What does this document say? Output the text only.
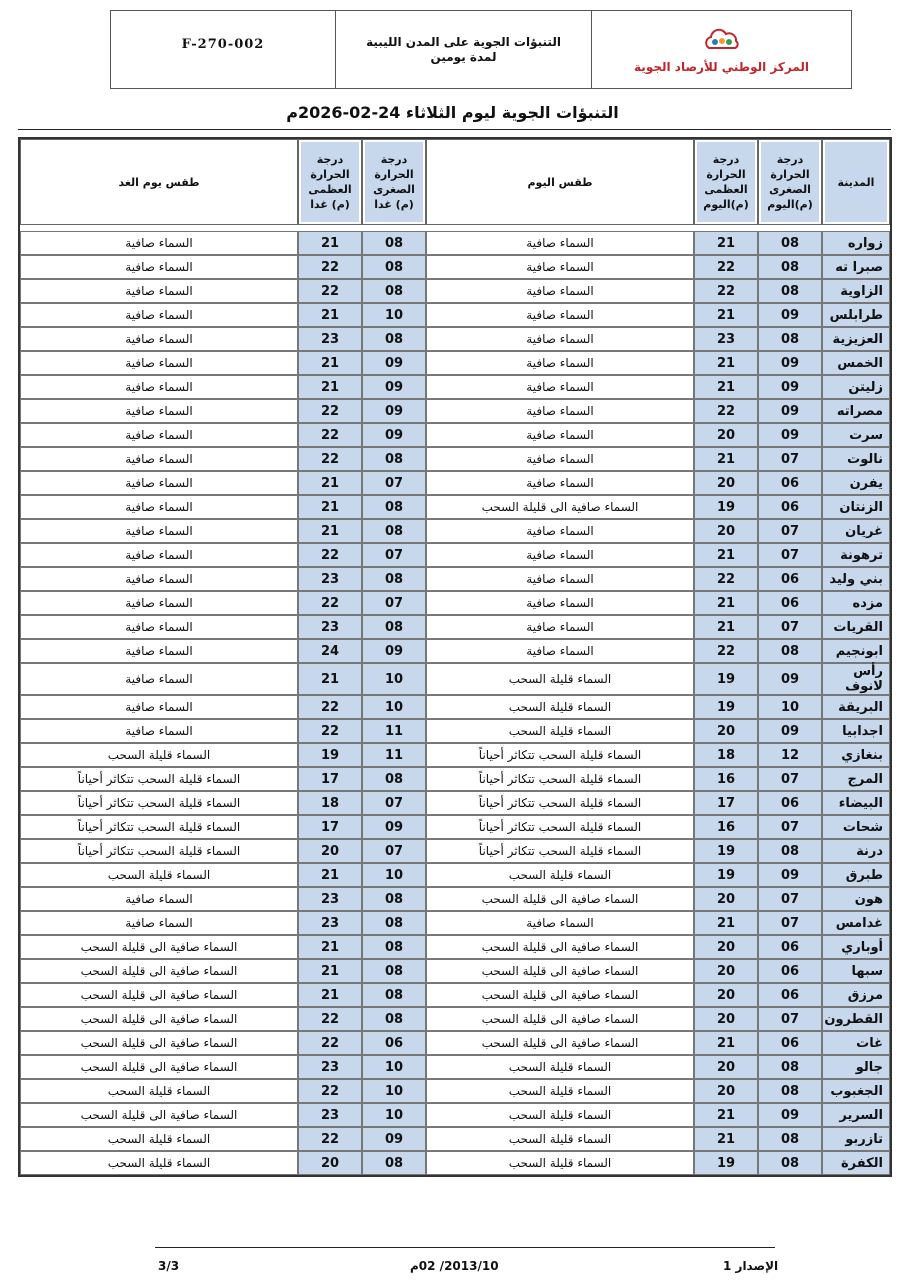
F-270-002	التنبؤات الجوية على المدن الليبية
لمدة يومين
المركز الوطني للأرصاد الجوية
التنبؤات الجوية ليوم الثلاثاء 24-02-2026م
المدينة	درجة الحرارة الصغرى (م)اليوم	درجة الحرارة العظمى (م)اليوم	طقس اليوم	درجة الحرارة الصغرى (م) غدا	درجة الحرارة العظمى (م) غدا	طقس يوم الغد

زواره	08	21	السماء صافية	08	21	السماء صافية
صبرا ته	08	22	السماء صافية	08	22	السماء صافية
الزاوية	08	22	السماء صافية	08	22	السماء صافية
طرابلس	09	21	السماء صافية	10	21	السماء صافية
العزيزية	08	23	السماء صافية	08	23	السماء صافية
الخمس	09	21	السماء صافية	09	21	السماء صافية
زليتن	09	21	السماء صافية	09	21	السماء صافية
مصراته	09	22	السماء صافية	09	22	السماء صافية
سرت	09	20	السماء صافية	09	22	السماء صافية
نالوت	07	21	السماء صافية	08	22	السماء صافية
يفرن	06	20	السماء صافية	07	21	السماء صافية
الزنتان	06	19	السماء صافية الى قليلة السحب	08	21	السماء صافية
غريان	07	20	السماء صافية	08	21	السماء صافية
ترهونة	07	21	السماء صافية	07	22	السماء صافية
بني وليد	06	22	السماء صافية	08	23	السماء صافية
مزده	06	21	السماء صافية	07	22	السماء صافية
القريات	07	21	السماء صافية	08	23	السماء صافية
ابونجيم	08	22	السماء صافية	09	24	السماء صافية
رأس لانوف	09	19	السماء قليلة السحب	10	21	السماء صافية
البريقة	10	19	السماء قليلة السحب	10	22	السماء صافية
اجدابيا	09	20	السماء قليلة السحب	11	22	السماء صافية
بنغازي	12	18	السماء قليلة السحب تتكاثر أحياناً	11	19	السماء قليلة السحب
المرج	07	16	السماء قليلة السحب تتكاثر أحياناً	08	17	السماء قليلة السحب تتكاثر أحياناً
البيضاء	06	17	السماء قليلة السحب تتكاثر أحياناً	07	18	السماء قليلة السحب تتكاثر أحياناً
شحات	07	16	السماء قليلة السحب تتكاثر أحياناً	09	17	السماء قليلة السحب تتكاثر أحياناً
درنة	08	19	السماء قليلة السحب تتكاثر أحياناً	07	20	السماء قليلة السحب تتكاثر أحياناً
طبرق	09	19	السماء قليلة السحب	10	21	السماء قليلة السحب
هون	07	20	السماء صافية الى قليلة السحب	08	23	السماء صافية
غدامس	07	21	السماء صافية	08	23	السماء صافية
أوباري	06	20	السماء صافية الى قليلة السحب	08	21	السماء صافية الى قليلة السحب
سبها	06	20	السماء صافية الى قليلة السحب	08	21	السماء صافية الى قليلة السحب
مرزق	06	20	السماء صافية الى قليلة السحب	08	21	السماء صافية الى قليلة السحب
القطرون	07	20	السماء صافية الى قليلة السحب	08	22	السماء صافية الى قليلة السحب
غات	06	21	السماء صافية الى قليلة السحب	06	22	السماء صافية الى قليلة السحب
جالو	08	20	السماء قليلة السحب	10	23	السماء صافية الى قليلة السحب
الجغبوب	08	20	السماء قليلة السحب	10	22	السماء قليلة السحب
السرير	09	21	السماء قليلة السحب	10	23	السماء صافية الى قليلة السحب
تازربو	08	21	السماء قليلة السحب	09	22	السماء قليلة السحب
الكفرة	08	19	السماء قليلة السحب	08	20	السماء قليلة السحب
3/3	2013/10/ 02م	الإصدار 1
